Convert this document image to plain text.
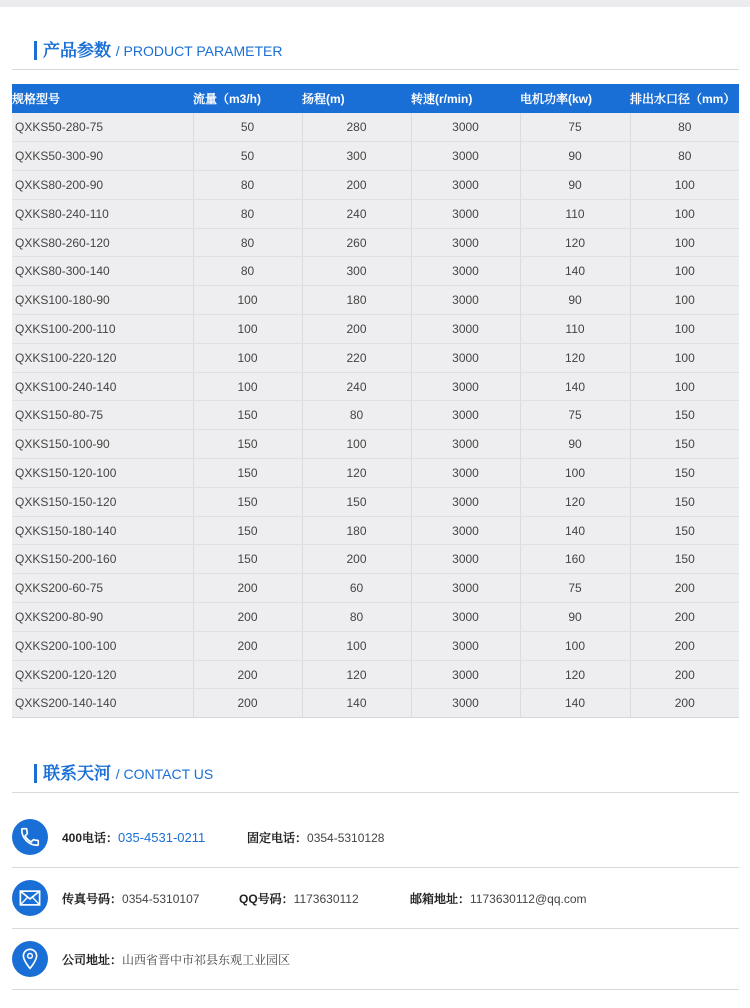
产品参数 / PRODUCT PARAMETER
规格型号	流量（m3/h)	扬程(m)	转速(r/min)	电机功率(kw)	排出水口径（mm）
QXKS50-280-75	50	280	3000	75	80
QXKS50-300-90	50	300	3000	90	80
QXKS80-200-90	80	200	3000	90	100
QXKS80-240-110	80	240	3000	110	100
QXKS80-260-120	80	260	3000	120	100
QXKS80-300-140	80	300	3000	140	100
QXKS100-180-90	100	180	3000	90	100
QXKS100-200-110	100	200	3000	110	100
QXKS100-220-120	100	220	3000	120	100
QXKS100-240-140	100	240	3000	140	100
QXKS150-80-75	150	80	3000	75	150
QXKS150-100-90	150	100	3000	90	150
QXKS150-120-100	150	120	3000	100	150
QXKS150-150-120	150	150	3000	120	150
QXKS150-180-140	150	180	3000	140	150
QXKS150-200-160	150	200	3000	160	150
QXKS200-60-75	200	60	3000	75	200
QXKS200-80-90	200	80	3000	90	200
QXKS200-100-100	200	100	3000	100	200
QXKS200-120-120	200	120	3000	120	200
QXKS200-140-140	200	140	3000	140	200
联系天河 / CONTACT US
400电话：035-4531-0211	固定电话：0354-5310128
传真号码：0354-5310107	QQ号码：1173630112	邮箱地址：1173630112@qq.com
公司地址：山西省晋中市祁县东观工业园区
